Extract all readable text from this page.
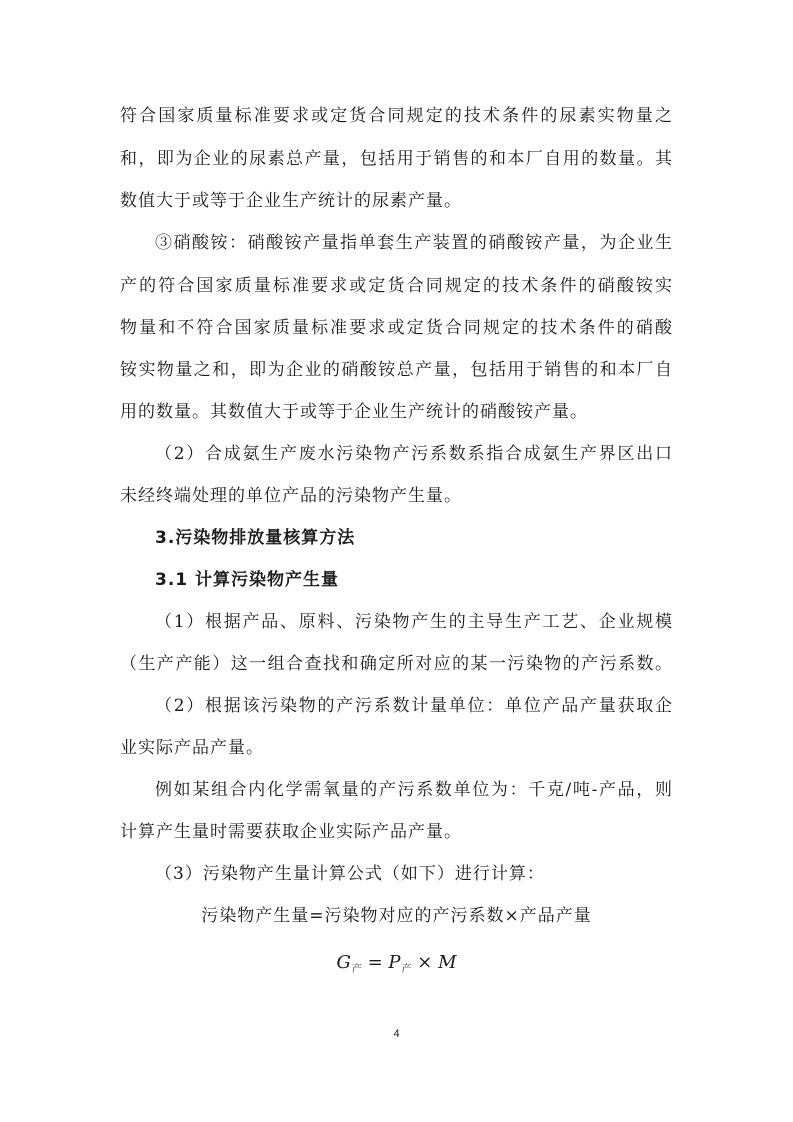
符合国家质量标准要求或定货合同规定的技术条件的尿素实物量之
和，即为企业的尿素总产量，包括用于销售的和本厂自用的数量。其
数值大于或等于企业生产统计的尿素产量。
③硝酸铵：硝酸铵产量指单套生产装置的硝酸铵产量，为企业生
产的符合国家质量标准要求或定货合同规定的技术条件的硝酸铵实
物量和不符合国家质量标准要求或定货合同规定的技术条件的硝酸
铵实物量之和，即为企业的硝酸铵总产量，包括用于销售的和本厂自
用的数量。其数值大于或等于企业生产统计的硝酸铵产量。
（2）合成氨生产废水污染物产污系数系指合成氨生产界区出口
未经终端处理的单位产品的污染物产生量。
3.污染物排放量核算方法
3.1 计算污染物产生量
（1）根据产品、原料、污染物产生的主导生产工艺、企业规模
（生产产能）这一组合查找和确定所对应的某一污染物的产污系数。
（2）根据该污染物的产污系数计量单位：单位产品产量获取企
业实际产品产量。
例如某组合内化学需氧量的产污系数单位为：千克/吨-产品，则
计算产生量时需要获取企业实际产品产量。
（3）污染物产生量计算公式（如下）进行计算：
污染物产生量=污染物对应的产污系数×产品产量
$G_产 = P_产 \times M$
4
